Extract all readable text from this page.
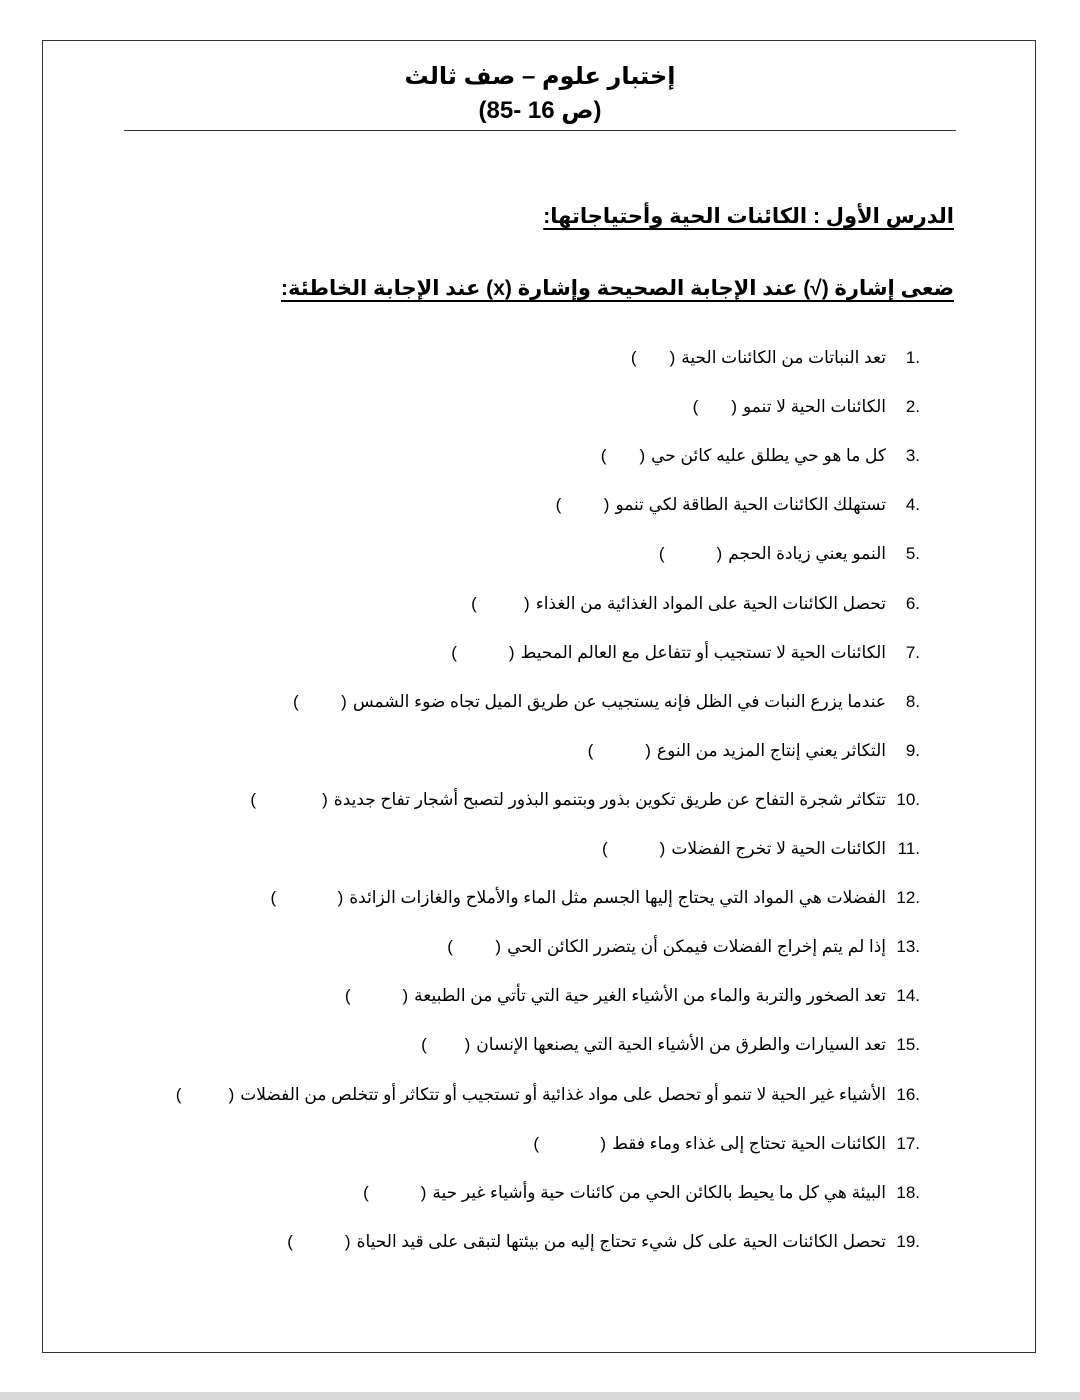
إختبار علوم – صف ثالث
(ص 16 -85)
الدرس الأول : الكائنات الحية وأحتياجاتها:
ضعى إشارة (√) عند الإجابة الصحيحة وإشارة (x) عند الإجابة الخاطئة:
1.تعد النباتات من الكائنات الحية(       )
2.الكائنات الحية لا تنمو(       )
3.كل ما هو حي يطلق عليه كائن حي(       )
4.تستهلك الكائنات الحية الطاقة لكي تنمو(         )
5.النمو يعني زيادة الحجم(           )
6.تحصل الكائنات الحية على المواد الغذائية من الغذاء(          )
7.الكائنات الحية لا تستجيب أو تتفاعل مع العالم المحيط(           )
8.عندما يزرع النبات في الظل فإنه يستجيب عن طريق الميل تجاه ضوء الشمس(         )
9.التكاثر يعني إنتاج المزيد من النوع(           )
10.تتكاثر شجرة التفاح عن طريق تكوين بذور وبتنمو البذور لتصبح أشجار تفاح جديدة(              )
11.الكائنات الحية لا تخرج الفضلات(           )
12.الفضلات هي المواد التي يحتاج إليها الجسم مثل الماء والأملاح والغازات الزائدة(             )
13.إذا لم يتم إخراج الفضلات فيمكن أن يتضرر الكائن الحي(         )
14.تعد الصخور والتربة والماء من الأشياء الغير حية التي تأتي من الطبيعة(           )
15.تعد السيارات والطرق من الأشياء الحية التي يصنعها الإنسان(        )
16.الأشياء غير الحية لا تنمو أو تحصل على مواد غذائية أو تستجيب أو تتكاثر أو تتخلص من الفضلات(          )
17.الكائنات الحية تحتاج إلى غذاء وماء فقط(             )
18.البيئة هي كل ما يحيط بالكائن الحي من كائنات حية وأشياء غير حية(           )
19.تحصل الكائنات الحية على كل شيء تحتاج إليه من بيئتها لتبقى على قيد الحياة(           )
